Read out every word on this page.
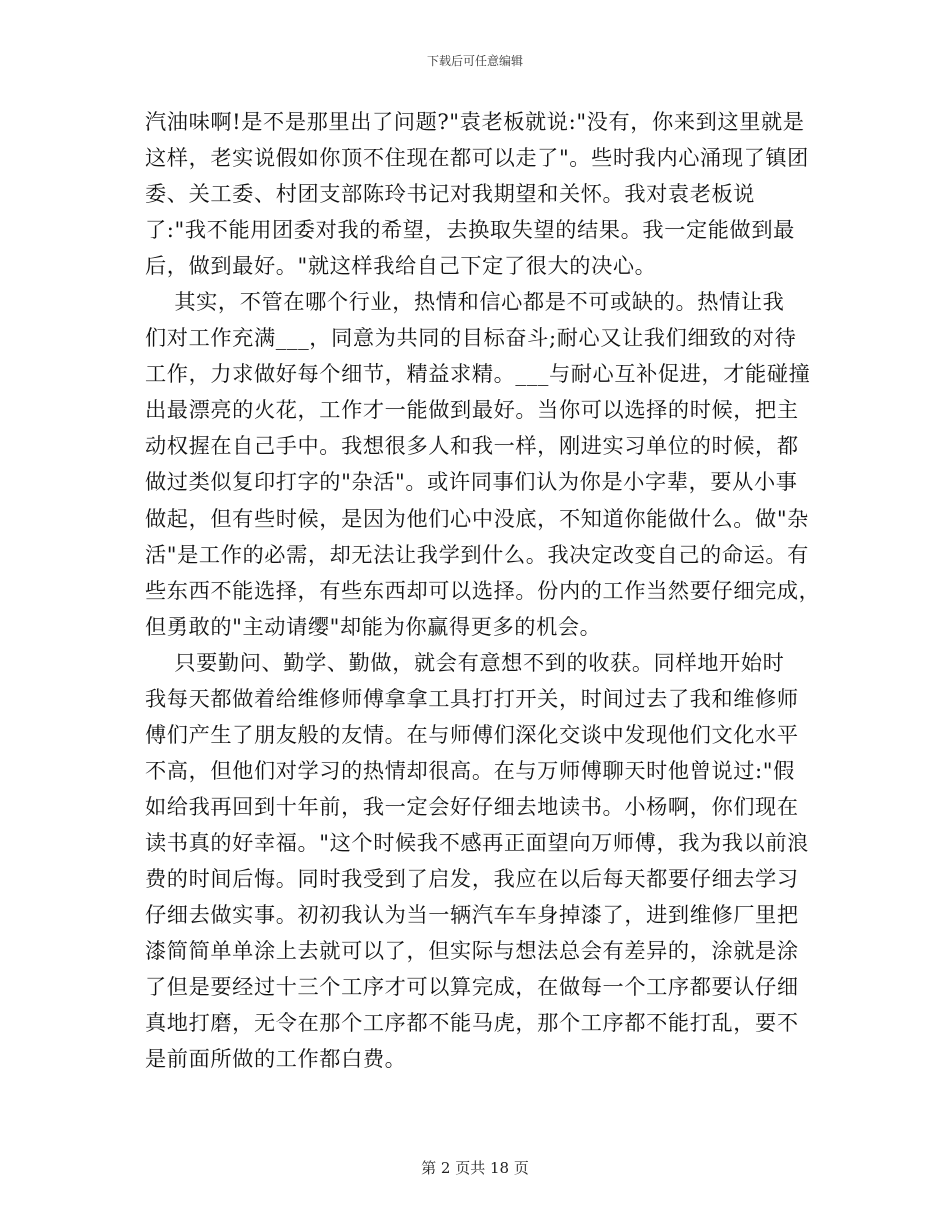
下载后可任意编辑
汽油味啊!是不是那里出了问题?"袁老板就说:"没有，你来到这里就是
这样，老实说假如你顶不住现在都可以走了"。些时我内心涌现了镇团
委、关工委、村团支部陈玲书记对我期望和关怀。我对袁老板说
了:"我不能用团委对我的希望，去换取失望的结果。我一定能做到最
后，做到最好。"就这样我给自己下定了很大的决心。
其实，不管在哪个行业，热情和信心都是不可或缺的。热情让我
们对工作充满___，同意为共同的目标奋斗;耐心又让我们细致的对待
工作，力求做好每个细节，精益求精。___与耐心互补促进，才能碰撞
出最漂亮的火花，工作才一能做到最好。当你可以选择的时候，把主
动权握在自己手中。我想很多人和我一样，刚进实习单位的时候，都
做过类似复印打字的"杂活"。或许同事们认为你是小字辈，要从小事
做起，但有些时候，是因为他们心中没底，不知道你能做什么。做"杂
活"是工作的必需，却无法让我学到什么。我决定改变自己的命运。有
些东西不能选择，有些东西却可以选择。份内的工作当然要仔细完成，
但勇敢的"主动请缨"却能为你赢得更多的机会。
只要勤问、勤学、勤做，就会有意想不到的收获。同样地开始时
我每天都做着给维修师傅拿拿工具打打开关，时间过去了我和维修师
傅们产生了朋友般的友情。在与师傅们深化交谈中发现他们文化水平
不高，但他们对学习的热情却很高。在与万师傅聊天时他曾说过:"假
如给我再回到十年前，我一定会好仔细去地读书。小杨啊，你们现在
读书真的好幸福。"这个时候我不感再正面望向万师傅，我为我以前浪
费的时间后悔。同时我受到了启发，我应在以后每天都要仔细去学习
仔细去做实事。初初我认为当一辆汽车车身掉漆了，进到维修厂里把
漆简简单单涂上去就可以了，但实际与想法总会有差异的，涂就是涂
了但是要经过十三个工序才可以算完成，在做每一个工序都要认仔细
真地打磨，无令在那个工序都不能马虎，那个工序都不能打乱，要不
是前面所做的工作都白费。
第 2 页共 18 页
